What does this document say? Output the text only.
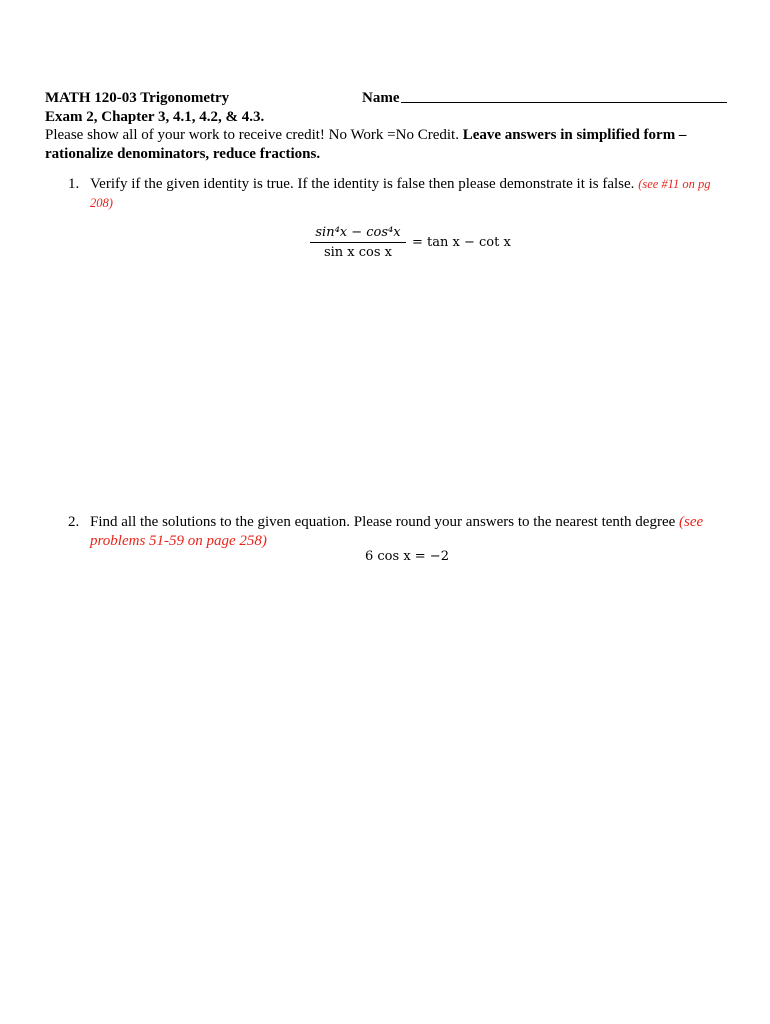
MATH 120-03 Trigonometry	Name
Exam 2, Chapter 3, 4.1, 4.2, & 4.3.
Please show all of your work to receive credit! No Work =No Credit. Leave answers in simplified form – rationalize denominators, reduce fractions.
1. Verify if the given identity is true. If the identity is false then please demonstrate it is false. (see #11 on pg 208)
$\frac{\text{sin⁴x − cos⁴x}}{\text{sin x cos x}} = \tan x - \cot x$
2. Find all the solutions to the given equation. Please round your answers to the nearest tenth degree (see problems 51-59 on page 258)
6 cos x = −2
